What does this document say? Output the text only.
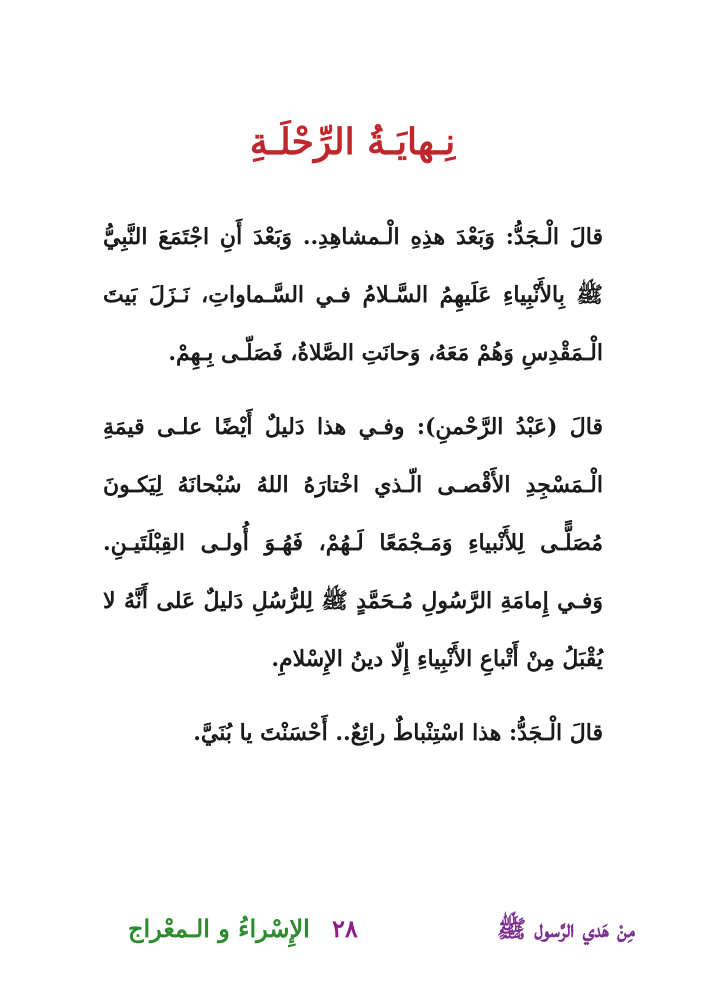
نِـهايَـةُ الرِّحْلَـةِ

قالَ الْـجَدُّ: وَبَعْدَ هذِهِ الْـمشاهِدِ.. وَبَعْدَ أَنِ اجْتَمَعَ النَّبِيُّ ﷺ بِالأَنْبِياءِ عَلَيهِمُ السَّـلامُ فـي السَّـماواتِ، نَـزَلَ بَيتَ الْـمَقْدِسِ وَهُمْ مَعَهُ، وَحانَتِ الصَّلاةُ، فَصَلّـى بِـهِمْ.

قالَ (عَبْدُ الرَّحْمنِ): وفـي هذا دَليلٌ أَيْضًا علـى قيمَةِ الْـمَسْجِدِ الأَقْصـى الّـذي اخْتارَهُ اللهُ سُبْحانَهُ لِيَكـونَ مُصَلًّـى لِلأَنْبياءِ وَمَـجْمَعًا لَـهُمْ، فَهُـوَ أُولـى القِبْلَتَيـنِ. وَفـي إِمامَةِ الرَّسُولِ مُـحَمَّدٍ ﷺ لِلرُّسُلِ دَليلٌ عَلى أَنَّهُ لا يُقْبَلُ مِنْ أَتْباعِ الأَنْبِياءِ إِلّا دينُ الإِسْلامِ.

قالَ الْـجَدُّ: هذا اسْتِنْباطٌ رائِعٌ.. أَحْسَنْتَ يا بُنَيَّ.

مِنْ هَدي الرَّسول ﷺ
٢٨
الإِسْراءُ و الـمعْراج
